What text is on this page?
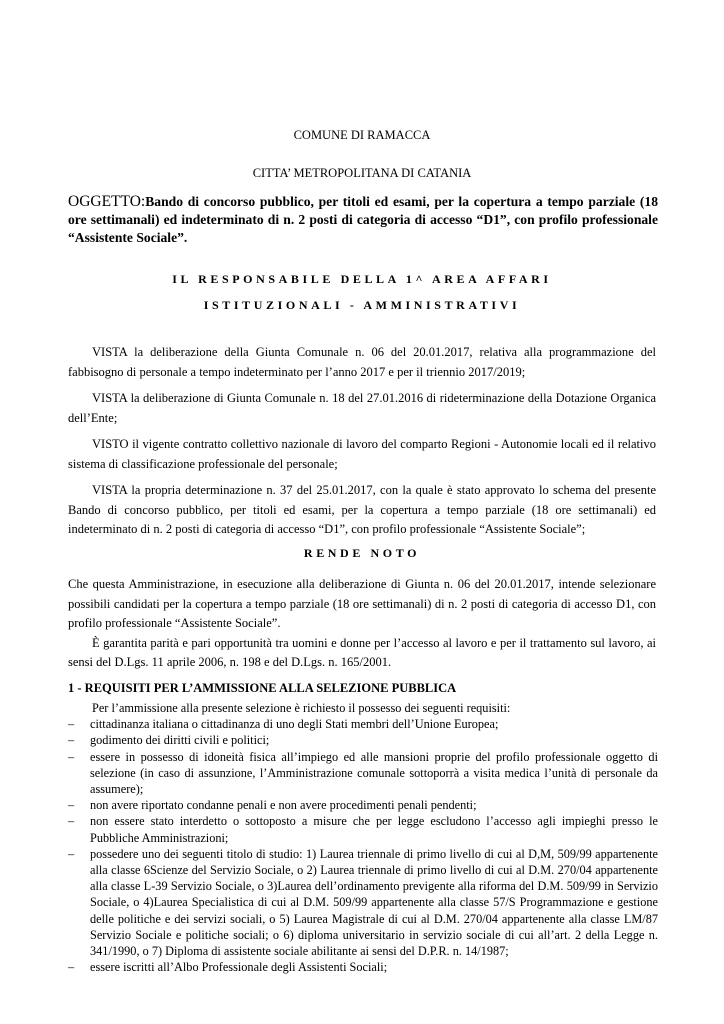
COMUNE DI RAMACCA
CITTA’ METROPOLITANA DI CATANIA
OGGETTO:Bando di concorso pubblico, per titoli ed esami, per la copertura a tempo parziale (18 ore settimanali) ed indeterminato di n. 2 posti di categoria di accesso “D1”, con profilo professionale “Assistente Sociale”.
IL RESPONSABILE DELLA 1^ AREA AFFARI
ISTITUZIONALI - AMMINISTRATIVI

VISTA la deliberazione della Giunta Comunale n. 06 del 20.01.2017, relativa alla programmazione del fabbisogno di personale a tempo indeterminato per l’anno 2017 e per il triennio 2017/2019;

VISTA la deliberazione di Giunta Comunale n. 18 del 27.01.2016 di rideterminazione della Dotazione Organica dell’Ente;

VISTO il vigente contratto collettivo nazionale di lavoro del comparto Regioni - Autonomie locali ed il relativo sistema di classificazione professionale del personale;

VISTA la propria determinazione n. 37 del 25.01.2017, con la quale è stato approvato lo schema del presente Bando di concorso pubblico, per titoli ed esami, per la copertura a tempo parziale (18 ore settimanali) ed indeterminato di n. 2 posti di categoria di accesso “D1”, con profilo professionale “Assistente Sociale”;

RENDE NOTO

Che questa Amministrazione, in esecuzione alla deliberazione di Giunta n. 06 del 20.01.2017, intende selezionare possibili candidati per la copertura a tempo parziale (18 ore settimanali) di n. 2 posti di categoria di accesso D1, con profilo professionale “Assistente Sociale”.

È garantita parità e pari opportunità tra uomini e donne per l’accesso al lavoro e per il trattamento sul lavoro, ai sensi del D.Lgs. 11 aprile 2006, n. 198 e del D.Lgs. n. 165/2001.

1 - REQUISITI PER L’AMMISSIONE ALLA SELEZIONE PUBBLICA

Per l’ammissione alla presente selezione è richiesto il possesso dei seguenti requisiti:

– cittadinanza italiana o cittadinanza di uno degli Stati membri dell’Unione Europea;
– godimento dei diritti civili e politici;
– essere in possesso di idoneità fisica all’impiego ed alle mansioni proprie del profilo professionale oggetto di selezione (in caso di assunzione, l’Amministrazione comunale sottoporrà a visita medica l’unità di personale da assumere);
– non avere riportato condanne penali e non avere procedimenti penali pendenti;
– non essere stato interdetto o sottoposto a misure che per legge escludono l’accesso agli impieghi presso le Pubbliche Amministrazioni;
– possedere uno dei seguenti titolo di studio: 1) Laurea triennale di primo livello di cui al D,M, 509/99 appartenente alla classe 6Scienze del Servizio Sociale, o 2) Laurea triennale di primo livello di cui al D.M. 270/04 appartenente alla classe L-39 Servizio Sociale, o 3)Laurea dell’ordinamento previgente alla riforma del D.M. 509/99 in Servizio Sociale, o 4)Laurea Specialistica di cui al D.M. 509/99 appartenente alla classe 57/S Programmazione e gestione delle politiche e dei servizi sociali, o 5) Laurea Magistrale di cui al D.M. 270/04 appartenente alla classe LM/87 Servizio Sociale e politiche sociali; o 6) diploma universitario in servizio sociale di cui all’art. 2 della Legge n. 341/1990, o 7) Diploma di assistente sociale abilitante ai sensi del D.P.R. n. 14/1987;
– essere iscritti all’Albo Professionale degli Assistenti Sociali;
